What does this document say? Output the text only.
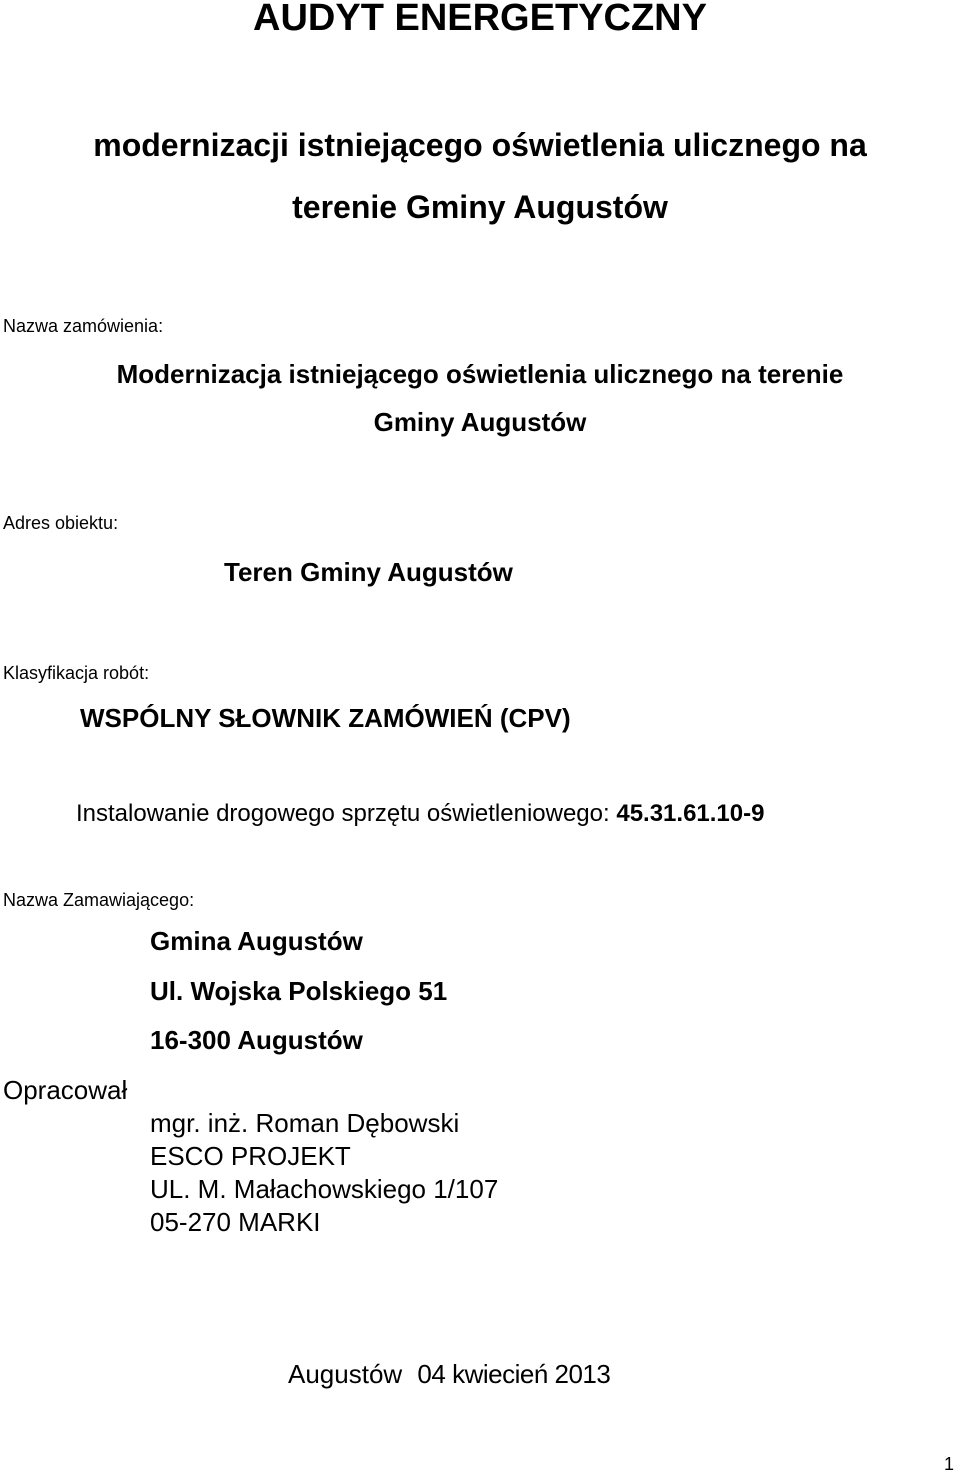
AUDYT ENERGETYCZNY
modernizacji istniejącego oświetlenia ulicznego na
terenie Gminy Augustów
Nazwa zamówienia:
Modernizacja istniejącego oświetlenia ulicznego na terenie
Gminy Augustów
Adres obiektu:
Teren Gminy Augustów
Klasyfikacja robót:
WSPÓLNY SŁOWNIK ZAMÓWIEŃ (CPV)
Instalowanie drogowego sprzętu oświetleniowego: 45.31.61.10-9
Nazwa Zamawiającego:
Gmina Augustów
Ul. Wojska Polskiego 51
16-300 Augustów
Opracował
mgr. inż. Roman Dębowski
ESCO PROJEKT
UL. M. Małachowskiego 1/107
05-270 MARKI
Augustów 04 kwiecień 2013
1
